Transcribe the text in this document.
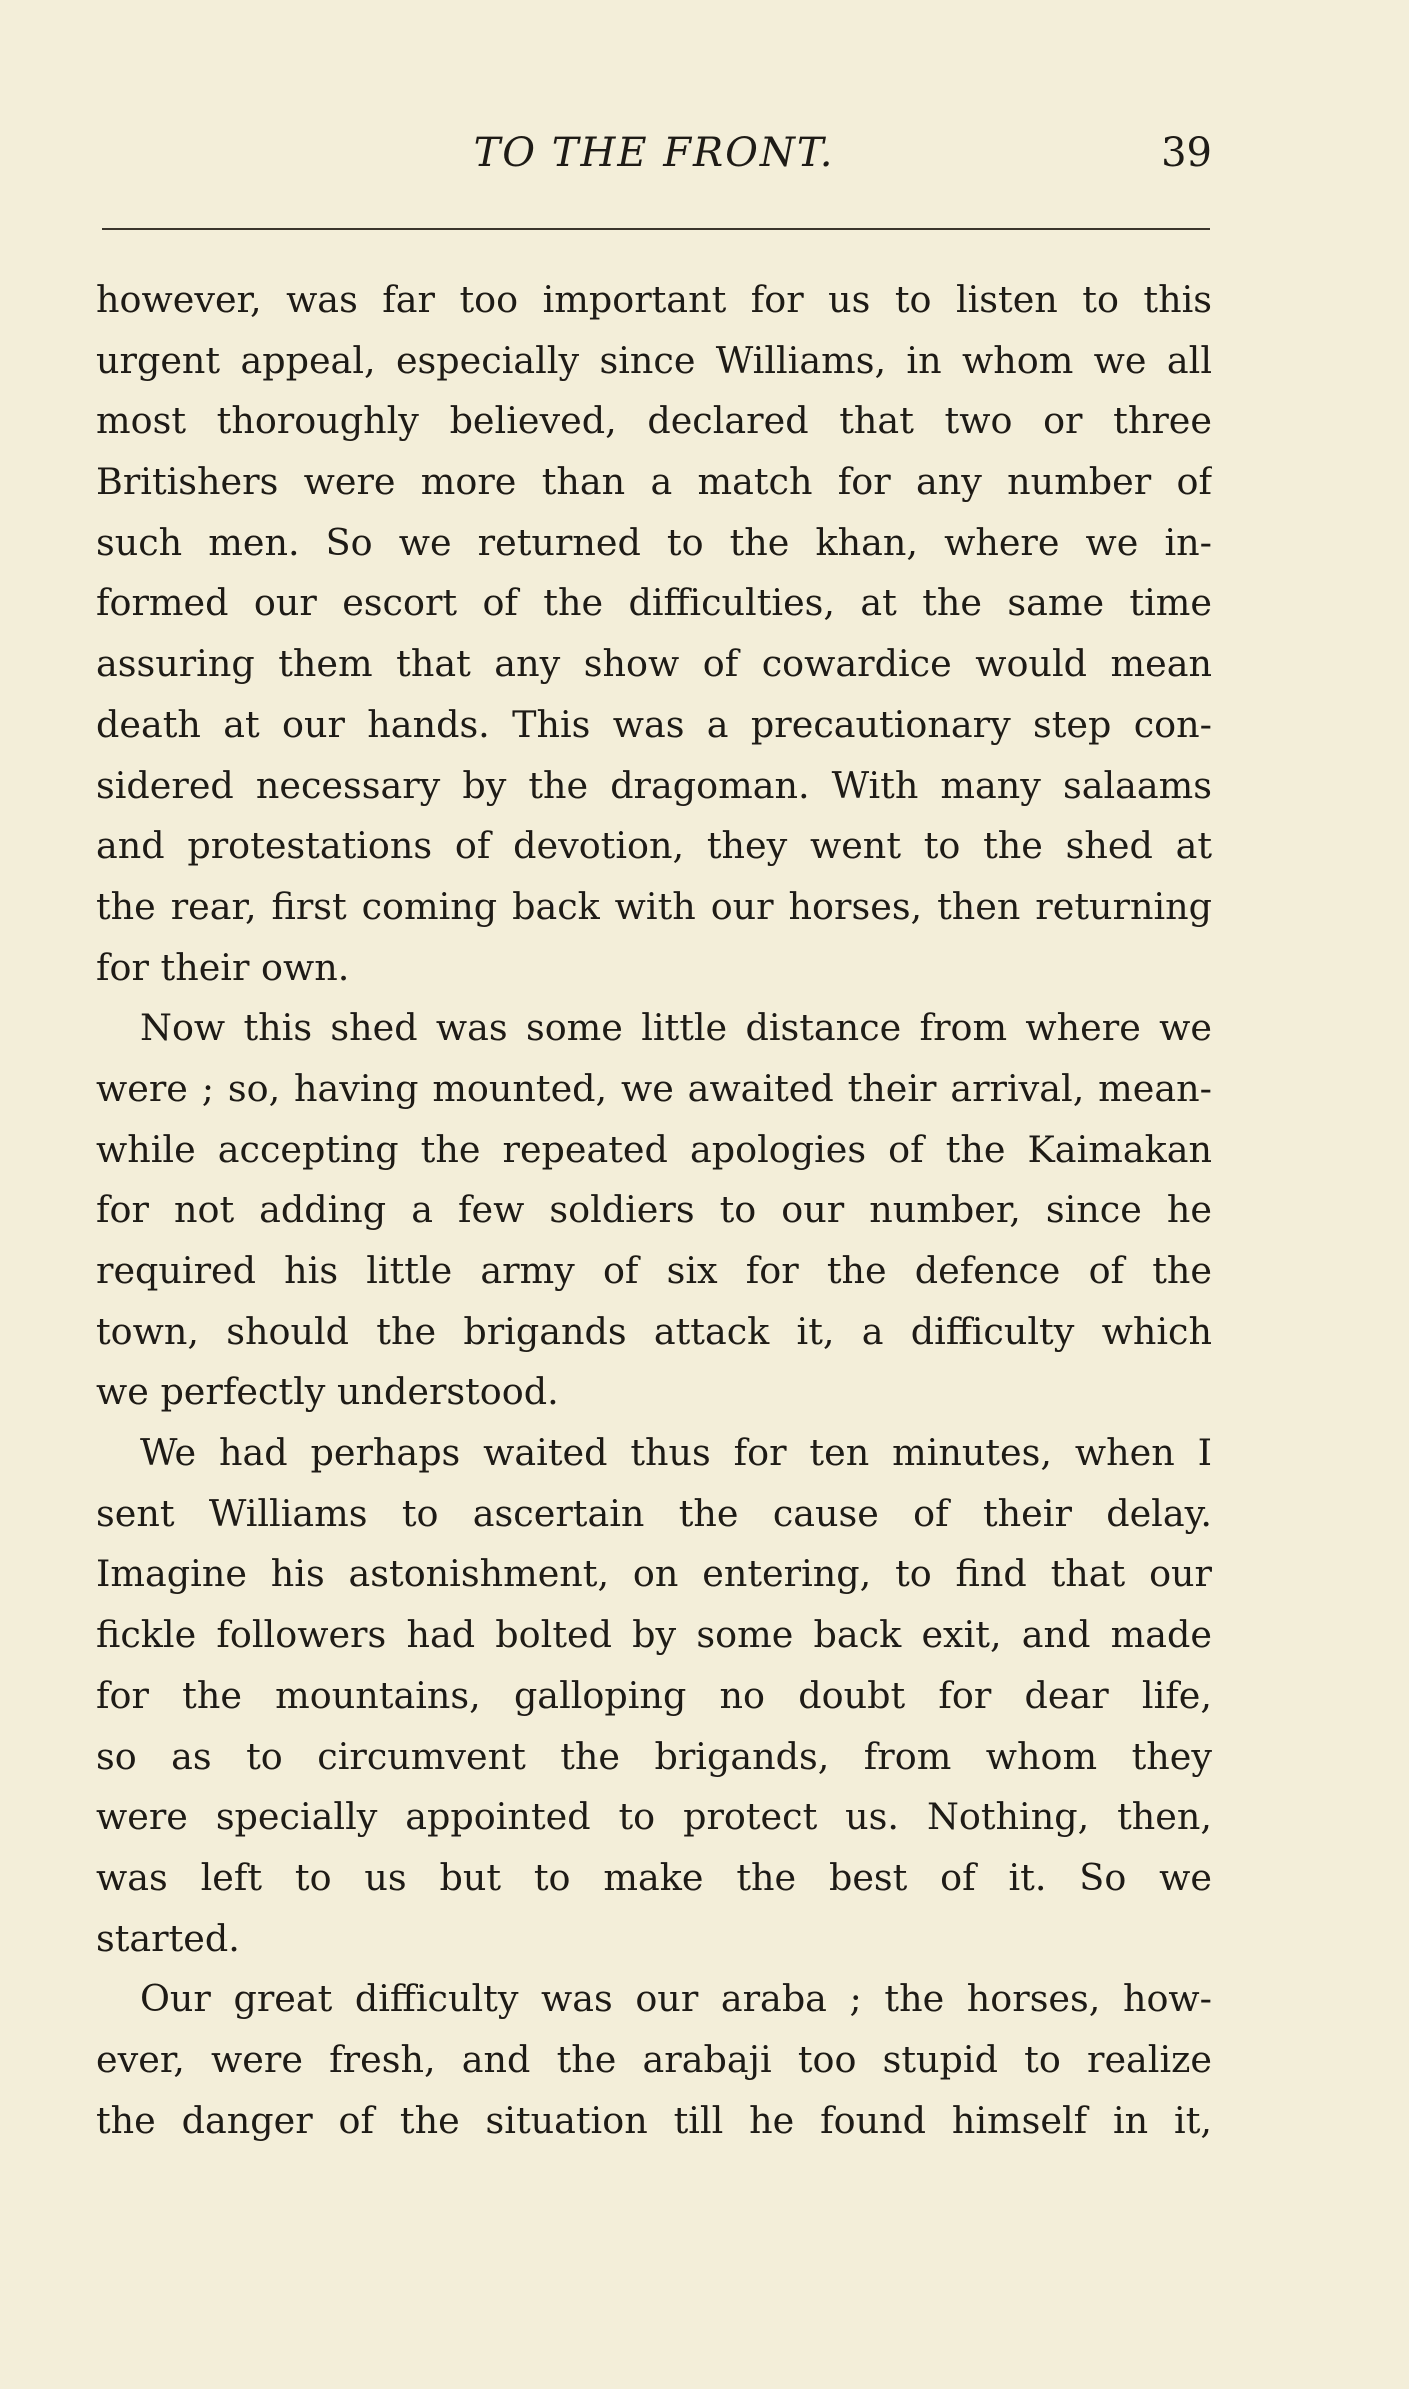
TO THE FRONT.	39
however, was far too important for us to listen to this
urgent appeal, especially since Williams, in whom we all
most thoroughly believed, declared that two or three
Britishers were more than a match for any number of
such men. So we returned to the khan, where we in-
formed our escort of the difficulties, at the same time
assuring them that any show of cowardice would mean
death at our hands. This was a precautionary step con-
sidered necessary by the dragoman. With many salaams
and protestations of devotion, they went to the shed at
the rear, first coming back with our horses, then returning
for their own.
Now this shed was some little distance from where we
were ; so, having mounted, we awaited their arrival, mean-
while accepting the repeated apologies of the Kaimakan
for not adding a few soldiers to our number, since he
required his little army of six for the defence of the
town, should the brigands attack it, a difficulty which
we perfectly understood.
We had perhaps waited thus for ten minutes, when I
sent Williams to ascertain the cause of their delay.
Imagine his astonishment, on entering, to find that our
fickle followers had bolted by some back exit, and made
for the mountains, galloping no doubt for dear life,
so as to circumvent the brigands, from whom they
were specially appointed to protect us. Nothing, then,
was left to us but to make the best of it. So we
started.
Our great difficulty was our araba ; the horses, how-
ever, were fresh, and the arabaji too stupid to realize
the danger of the situation till he found himself in it,
